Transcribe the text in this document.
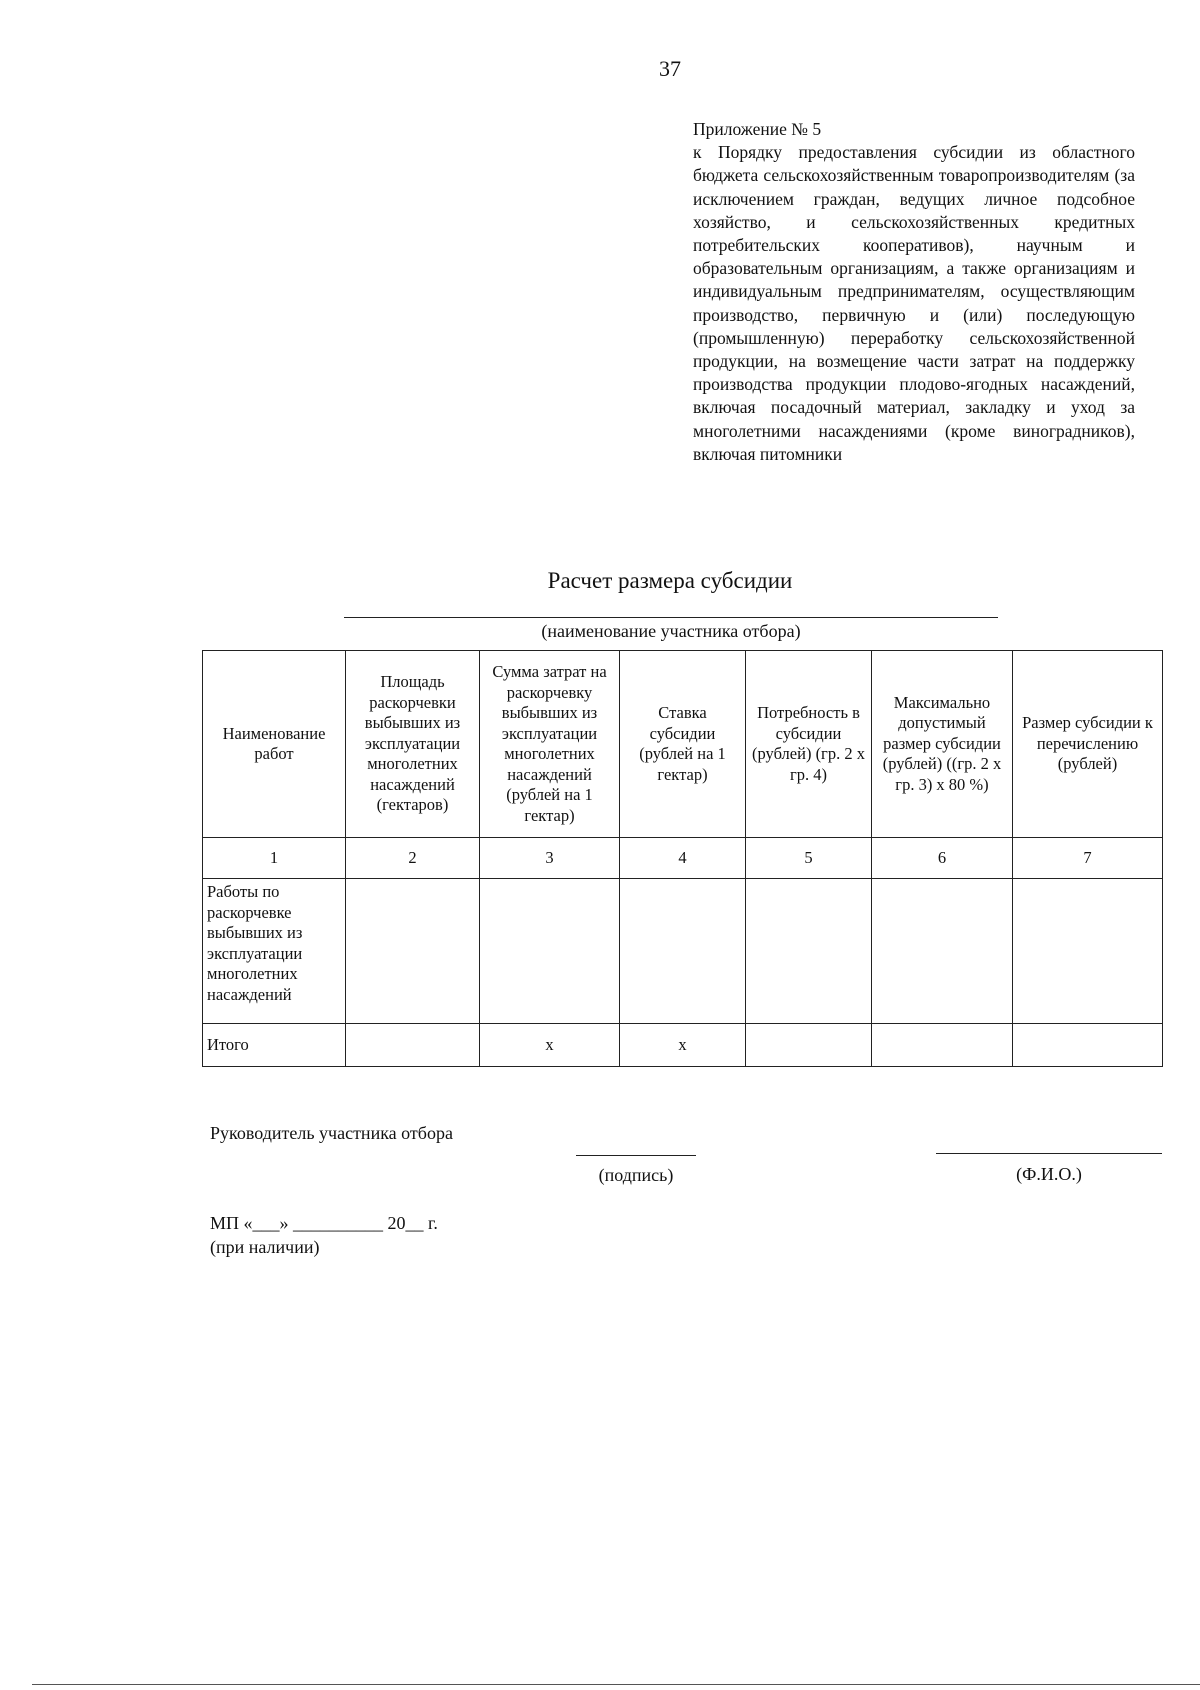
37

Приложение № 5

к Порядку предоставления субсидии из областного бюджета сельскохозяйственным товаропроизводителям (за исключением граждан, ведущих личное подсобное хозяйство, и сельскохозяйственных кредитных потребительских кооперативов), научным и образовательным организациям, а также организациям и индивидуальным предпринимателям, осуществляющим производство, первичную и (или) последующую (промышленную) переработку сельскохозяйственной продукции, на возмещение части затрат на поддержку производства продукции плодово-ягодных насаждений, включая посадочный материал, закладку и уход за многолетними насаждениями (кроме виноградников), включая питомники

Расчет размера субсидии
(наименование участника отбора)
Наименование работ	Площадь раскорчевки выбывших из эксплуатации многолетних насаждений (гектаров)	Сумма затрат на раскорчевку выбывших из эксплуатации многолетних насаждений (рублей на 1 гектар)	Ставка субсидии (рублей на 1 гектар)	Потребность в субсидии (рублей) (гр. 2 х гр. 4)	Максимально допустимый размер субсидии (рублей) ((гр. 2 х гр. 3) х 80 %)	Размер субсидии к перечислению (рублей)
1	2	3	4	5	6	7
Работы по раскорчевке выбывших из эксплуатации многолетних насаждений						
Итого		х	х			
Руководитель участника отбора
(подпись)	(Ф.И.О.)
МП «___» __________ 20__ г.
(при наличии)
